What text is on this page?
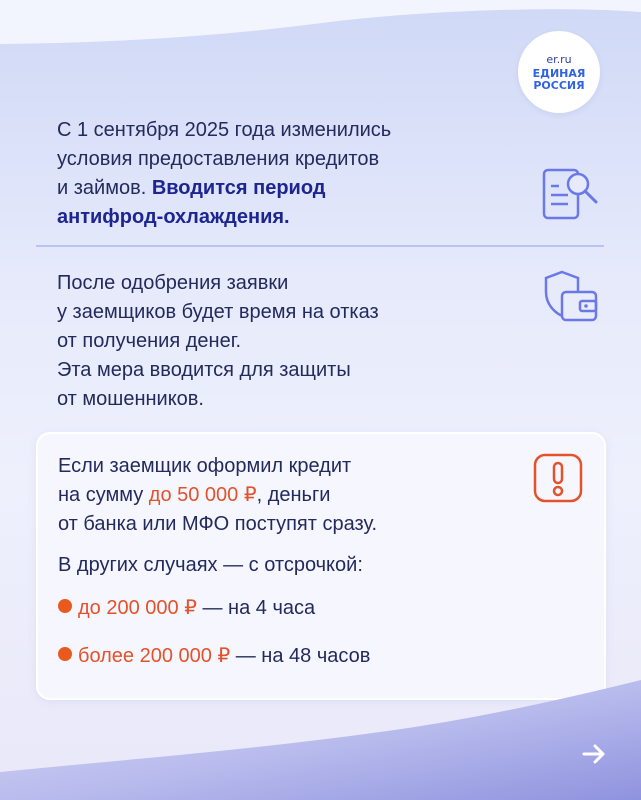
er.ru
ЕДИНАЯ
РОССИЯ
С 1 сентября 2025 года изменились
условия предоставления кредитов
и займов. Вводится период
антифрод-охлаждения.
После одобрения заявки
у заемщиков будет время на отказ
от получения денег.
Эта мера вводится для защиты
от мошенников.
Если заемщик оформил кредит
на сумму до 50 000 ₽, деньги
от банка или МФО поступят сразу.
В других случаях — с отсрочкой:
до 200 000 ₽ — на 4 часа
более 200 000 ₽ — на 48 часов
